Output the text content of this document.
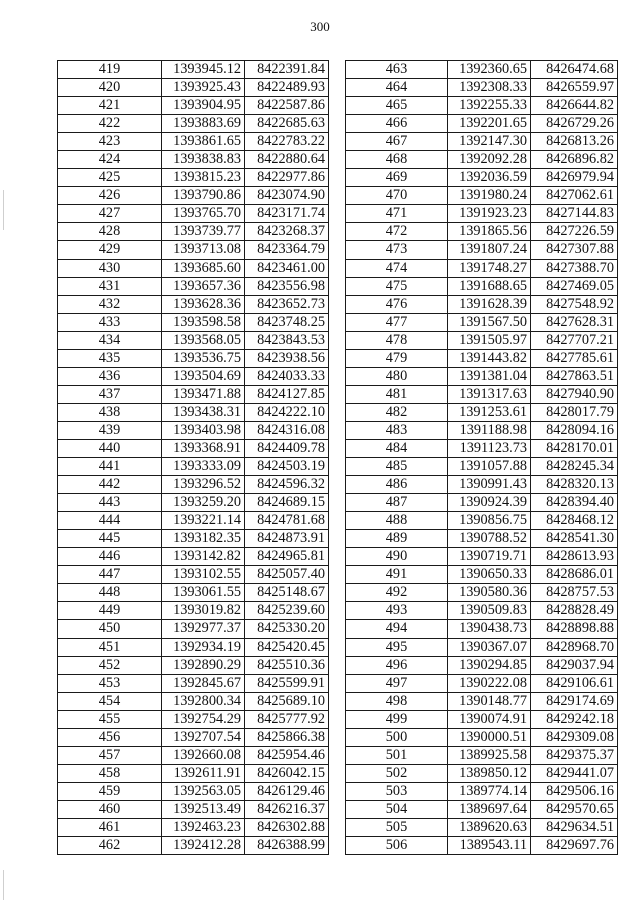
300
419	1393945.12	8422391.84
420	1393925.43	8422489.93
421	1393904.95	8422587.86
422	1393883.69	8422685.63
423	1393861.65	8422783.22
424	1393838.83	8422880.64
425	1393815.23	8422977.86
426	1393790.86	8423074.90
427	1393765.70	8423171.74
428	1393739.77	8423268.37
429	1393713.08	8423364.79
430	1393685.60	8423461.00
431	1393657.36	8423556.98
432	1393628.36	8423652.73
433	1393598.58	8423748.25
434	1393568.05	8423843.53
435	1393536.75	8423938.56
436	1393504.69	8424033.33
437	1393471.88	8424127.85
438	1393438.31	8424222.10
439	1393403.98	8424316.08
440	1393368.91	8424409.78
441	1393333.09	8424503.19
442	1393296.52	8424596.32
443	1393259.20	8424689.15
444	1393221.14	8424781.68
445	1393182.35	8424873.91
446	1393142.82	8424965.81
447	1393102.55	8425057.40
448	1393061.55	8425148.67
449	1393019.82	8425239.60
450	1392977.37	8425330.20
451	1392934.19	8425420.45
452	1392890.29	8425510.36
453	1392845.67	8425599.91
454	1392800.34	8425689.10
455	1392754.29	8425777.92
456	1392707.54	8425866.38
457	1392660.08	8425954.46
458	1392611.91	8426042.15
459	1392563.05	8426129.46
460	1392513.49	8426216.37
461	1392463.23	8426302.88
462	1392412.28	8426388.99
463	1392360.65	8426474.68
464	1392308.33	8426559.97
465	1392255.33	8426644.82
466	1392201.65	8426729.26
467	1392147.30	8426813.26
468	1392092.28	8426896.82
469	1392036.59	8426979.94
470	1391980.24	8427062.61
471	1391923.23	8427144.83
472	1391865.56	8427226.59
473	1391807.24	8427307.88
474	1391748.27	8427388.70
475	1391688.65	8427469.05
476	1391628.39	8427548.92
477	1391567.50	8427628.31
478	1391505.97	8427707.21
479	1391443.82	8427785.61
480	1391381.04	8427863.51
481	1391317.63	8427940.90
482	1391253.61	8428017.79
483	1391188.98	8428094.16
484	1391123.73	8428170.01
485	1391057.88	8428245.34
486	1390991.43	8428320.13
487	1390924.39	8428394.40
488	1390856.75	8428468.12
489	1390788.52	8428541.30
490	1390719.71	8428613.93
491	1390650.33	8428686.01
492	1390580.36	8428757.53
493	1390509.83	8428828.49
494	1390438.73	8428898.88
495	1390367.07	8428968.70
496	1390294.85	8429037.94
497	1390222.08	8429106.61
498	1390148.77	8429174.69
499	1390074.91	8429242.18
500	1390000.51	8429309.08
501	1389925.58	8429375.37
502	1389850.12	8429441.07
503	1389774.14	8429506.16
504	1389697.64	8429570.65
505	1389620.63	8429634.51
506	1389543.11	8429697.76
